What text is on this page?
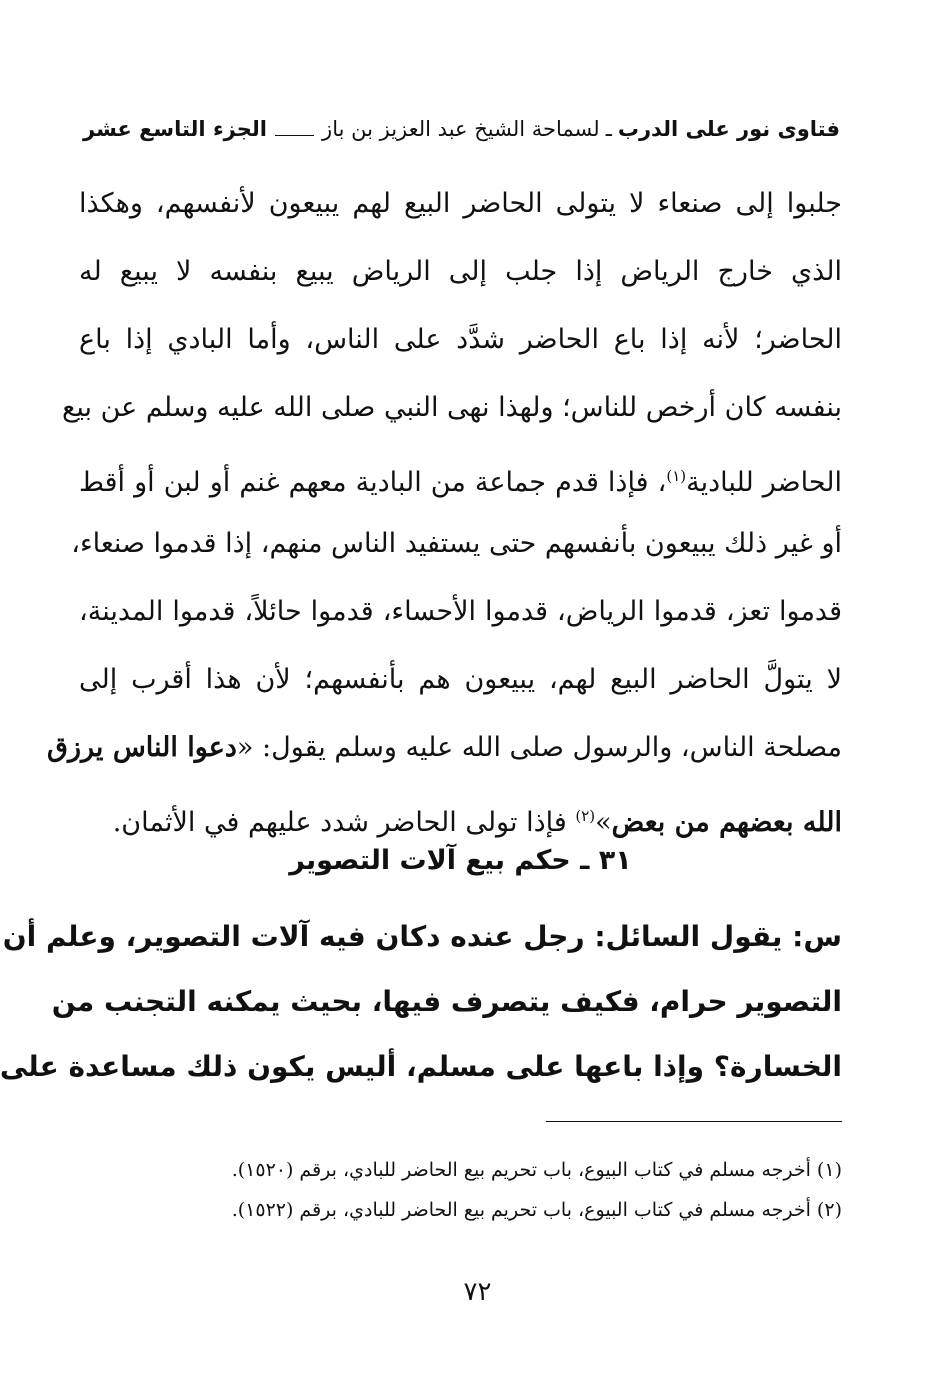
فتاوى نور على الدرب
ـ
لسماحة الشيخ عبد العزيز بن باز
الجزء التاسع عشر
جلبوا إلى صنعاء لا يتولى الحاضر البيع لهم يبيعون لأنفسهم، وهكذا
الذي خارج الرياض إذا جلب إلى الرياض يبيع بنفسه لا يبيع له
الحاضر؛ لأنه إذا باع الحاضر شدَّد على الناس، وأما البادي إذا باع
بنفسه كان أرخص للناس؛ ولهذا نهى النبي صلى الله عليه وسلم عن بيع
الحاضر للبادية$^{(١)}$، فإذا قدم جماعة من البادية معهم غنم أو لبن أو أقط
أو غير ذلك يبيعون بأنفسهم حتى يستفيد الناس منهم، إذا قدموا صنعاء،
قدموا تعز، قدموا الرياض، قدموا الأحساء، قدموا حائلاً، قدموا المدينة،
لا يتولَّ الحاضر البيع لهم، يبيعون هم بأنفسهم؛ لأن هذا أقرب إلى
مصلحة الناس، والرسول صلى الله عليه وسلم يقول: «دعوا الناس يرزق
الله بعضهم من بعض»$^{(٢)}$ فإذا تولى الحاضر شدد عليهم في الأثمان.
٣١ ـ حكم بيع آلات التصوير
س: يقول السائل: رجل عنده دكان فيه آلات التصوير، وعلم أن
التصوير حرام، فكيف يتصرف فيها، بحيث يمكنه التجنب من
الخسارة؟ وإذا باعها على مسلم، أليس يكون ذلك مساعدة على
(١) أخرجه مسلم في كتاب البيوع، باب تحريم بيع الحاضر للبادي، برقم (١٥٢٠).
(٢) أخرجه مسلم في كتاب البيوع، باب تحريم بيع الحاضر للبادي، برقم (١٥٢٢).
٧٢
